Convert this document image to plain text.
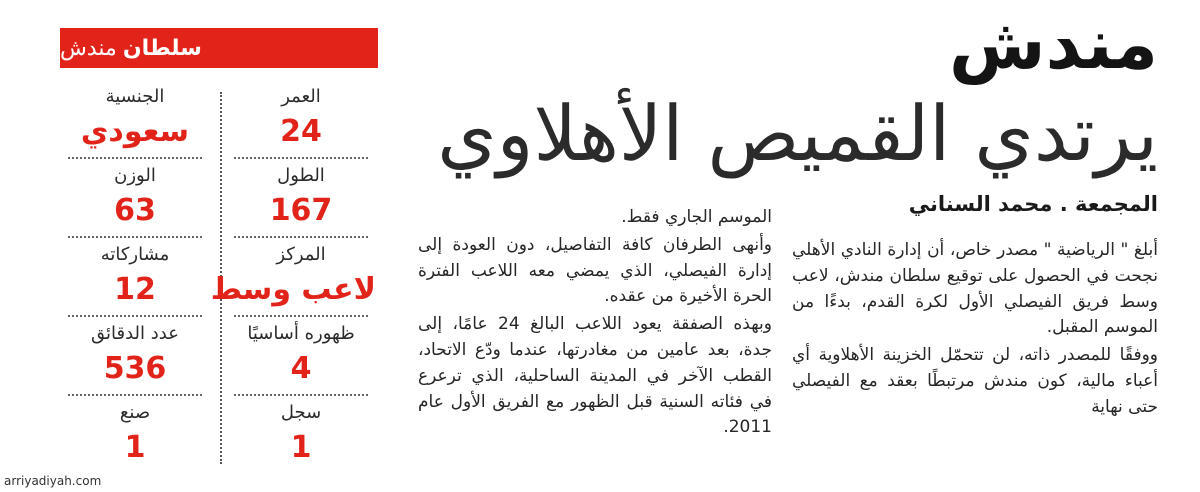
مندش
يرتدي القميص الأهلاوي
المجمعة . محمد السناني

أبلغ " الرياضية " مصدر خاص، أن إدارة النادي الأهلي نجحت في الحصول على توقيع سلطان مندش، لاعب وسط فريق الفيصلي الأول لكرة القدم، بدءًا من الموسم المقبل.

ووفقًا للمصدر ذاته، لن تتحمّل الخزينة الأهلاوية أي أعباء مالية، كون مندش مرتبطًا بعقد مع الفيصلي حتى نهاية

الموسم الجاري فقط.

وأنهى الطرفان كافة التفاصيل، دون العودة إلى إدارة الفيصلي، الذي يمضي معه اللاعب الفترة الحرة الأخيرة من عقده.

وبهذه الصفقة يعود اللاعب البالغ 24 عامًا، إلى جدة، بعد عامين من مغادرتها، عندما ودّع الاتحاد، القطب الآخر في المدينة الساحلية، الذي ترعرع في فئاته السنية قبل الظهور مع الفريق الأول عام 2011.

سلطان
مندش
العمر
24
الطول
167
المركز
لاعب وسط
ظهوره أساسيًا
4
سجل
1
الجنسية
سعودي
الوزن
63
مشاركاته
12
عدد الدقائق
536
صنع
1
arriyadiyah.com
